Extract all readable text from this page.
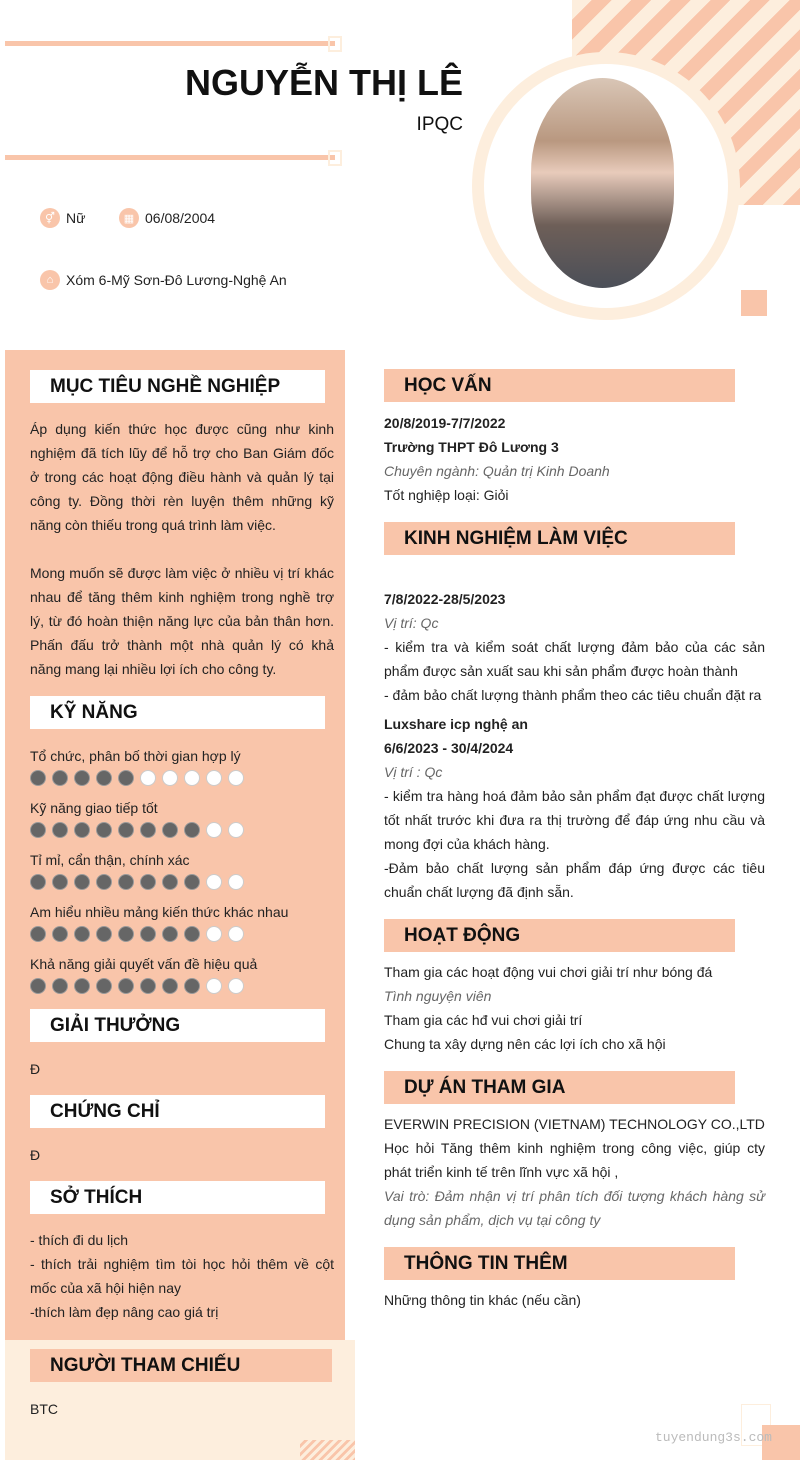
NGUYỄN THỊ LÊ
IPQC
⚥ Nữ	▦ 06/08/2004
⌂ Xóm 6-Mỹ Sơn-Đô Lương-Nghệ An
MỤC TIÊU NGHỀ NGHIỆP

Áp dụng kiến thức học được cũng như kinh nghiệm đã tích lũy để hỗ trợ cho Ban Giám đốc ở trong các hoạt động điều hành và quản lý tại công ty. Đồng thời rèn luyện thêm những kỹ năng còn thiếu trong quá trình làm việc.

Mong muốn sẽ được làm việc ở nhiều vị trí khác nhau để tăng thêm kinh nghiệm trong nghề trợ lý, từ đó hoàn thiện năng lực của bản thân hơn. Phấn đấu trở thành một nhà quản lý có khả năng mang lại nhiều lợi ích cho công ty.

KỸ NĂNG
Tổ chức, phân bố thời gian hợp lý
Kỹ năng giao tiếp tốt
Tỉ mỉ, cẩn thận, chính xác
Am hiểu nhiều mảng kiến thức khác nhau
Khả năng giải quyết vấn đề hiệu quả
GIẢI THƯỞNG
Đ
CHỨNG CHỈ
Đ
SỞ THÍCH
- thích đi du lịch
- thích trải nghiệm tìm tòi học hỏi thêm về cột mốc của xã hội hiện nay
-thích làm đẹp nâng cao giá trị
NGƯỜI THAM CHIẾU
BTC
HỌC VẤN
20/8/2019-7/7/2022
Trường THPT Đô Lương 3
Chuyên ngành: Quản trị Kinh Doanh
Tốt nghiệp loại: Giỏi
KINH NGHIỆM LÀM VIỆC
7/8/2022-28/5/2023
Vị trí: Qc
- kiểm tra và kiểm soát chất lượng đảm bảo của các sản phẩm được sản xuất sau khi sản phẩm được hoàn thành
- đảm bảo chất lượng thành phẩm theo các tiêu chuẩn đặt ra
Luxshare icp nghệ an
6/6/2023 - 30/4/2024
Vị trí : Qc
- kiểm tra hàng hoá đảm bảo sản phẩm đạt được chất lượng tốt nhất trước khi đưa ra thị trường để đáp ứng nhu cầu và mong đợi của khách hàng.
-Đảm bảo chất lượng sản phẩm đáp ứng được các tiêu chuẩn chất lượng đã định sẵn.
HOẠT ĐỘNG
Tham gia các hoạt động vui chơi giải trí như bóng đá
Tình nguyện viên
Tham gia các hđ vui chơi giải trí
Chung ta xây dựng nên các lợi ích cho xã hội
DỰ ÁN THAM GIA
EVERWIN PRECISION (VIETNAM) TECHNOLOGY CO.,LTD
Học hỏi Tăng thêm kinh nghiệm trong công việc, giúp cty phát triển kinh tế trên lĩnh vực xã hội ,
Vai trò: Đảm nhận vị trí phân tích đối tượng khách hàng sử dụng sản phẩm, dịch vụ tại công ty
THÔNG TIN THÊM
Những thông tin khác (nếu cần)
tuyendung3s.com
